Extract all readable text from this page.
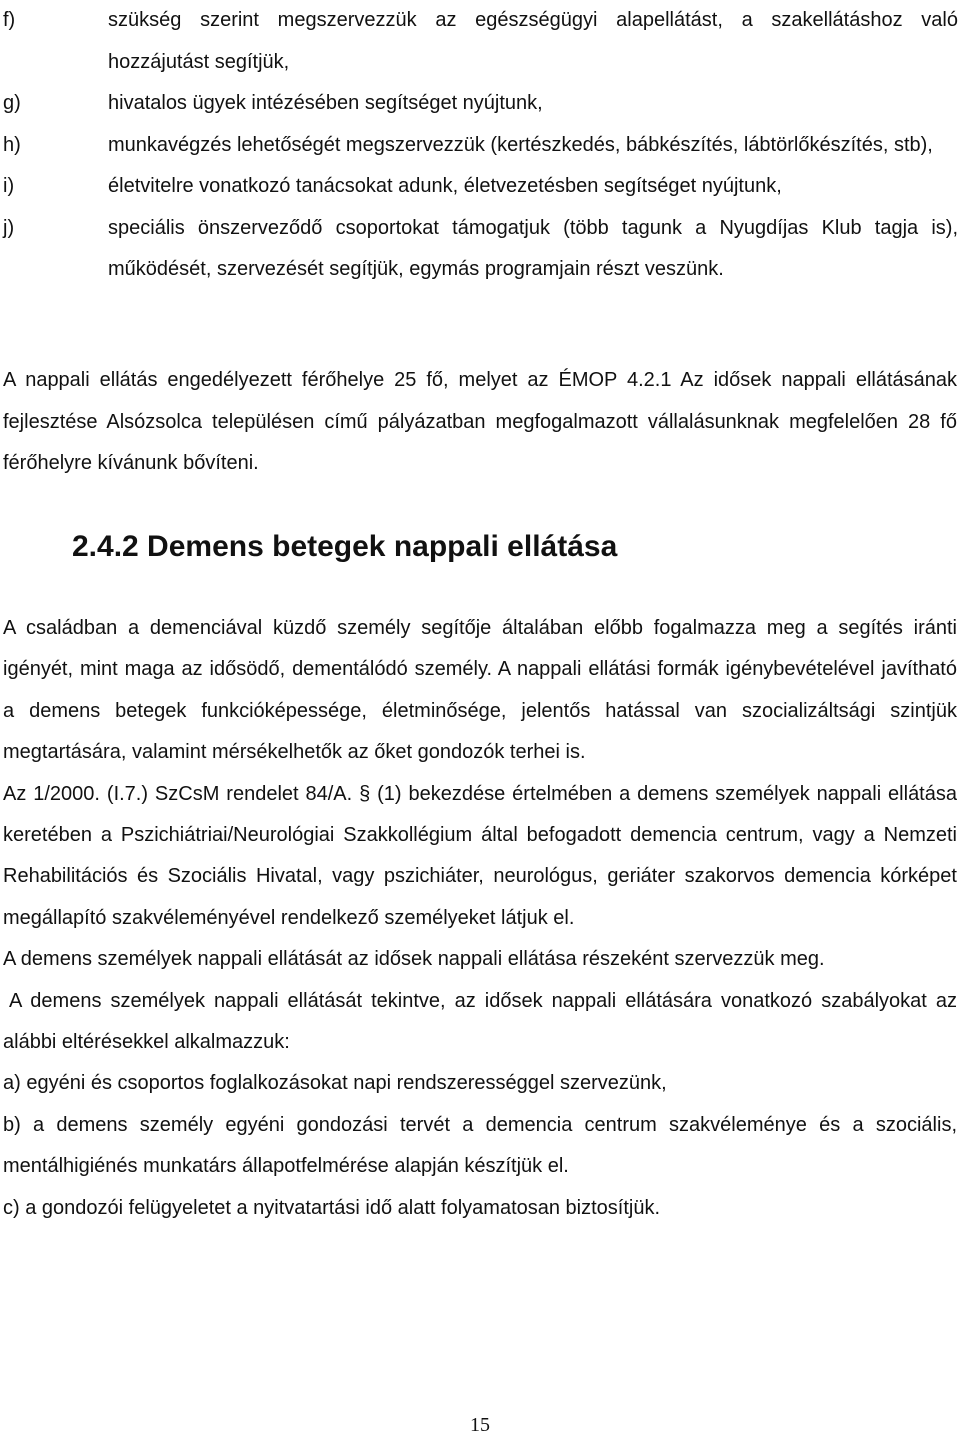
f)	szükség szerint megszervezzük az egészségügyi alapellátást, a szakellátáshoz való hozzájutást segítjük,
g)	hivatalos ügyek intézésében segítséget nyújtunk,
h)	munkavégzés lehetőségét megszervezzük (kertészkedés, bábkészítés, lábtörlőkészítés, stb),
i)	életvitelre vonatkozó tanácsokat adunk, életvezetésben segítséget nyújtunk,
j)	speciális önszerveződő csoportokat támogatjuk (több tagunk a Nyugdíjas Klub tagja is), működését, szervezését segítjük, egymás programjain részt veszünk.

A nappali ellátás engedélyezett férőhelye 25 fő, melyet az ÉMOP 4.2.1 Az idősek nappali ellátásának fejlesztése Alsózsolca településen című pályázatban megfogalmazott vállalásunknak megfelelően 28 fő férőhelyre kívánunk bővíteni.

2.4.2 Demens betegek nappali ellátása

A családban a demenciával küzdő személy segítője általában előbb fogalmazza meg a segítés iránti igényét, mint maga az idősödő, dementálódó személy. A nappali ellátási formák igénybevételével javítható a demens betegek funkcióképessége, életminősége, jelentős hatással van szocializáltsági szintjük megtartására, valamint mérsékelhetők az őket gondozók terhei is.

Az 1/2000. (I.7.) SzCsM rendelet 84/A. § (1) bekezdése értelmében a demens személyek nappali ellátása keretében a Pszichiátriai/Neurológiai Szakkollégium által befogadott demencia centrum, vagy a Nemzeti Rehabilitációs és Szociális Hivatal, vagy pszichiáter, neurológus, geriáter szakorvos demencia kórképet megállapító szakvéleményével rendelkező személyeket látjuk el.

A demens személyek nappali ellátását az idősek nappali ellátása részeként szervezzük meg.

A demens személyek nappali ellátását tekintve, az idősek nappali ellátására vonatkozó szabályokat az alábbi eltérésekkel alkalmazzuk:

a) egyéni és csoportos foglalkozásokat napi rendszerességgel szervezünk,

b) a demens személy egyéni gondozási tervét a demencia centrum szakvéleménye és a szociális, mentálhigiénés munkatárs állapotfelmérése alapján készítjük el.

c) a gondozói felügyeletet a nyitvatartási idő alatt folyamatosan biztosítjük.

15
